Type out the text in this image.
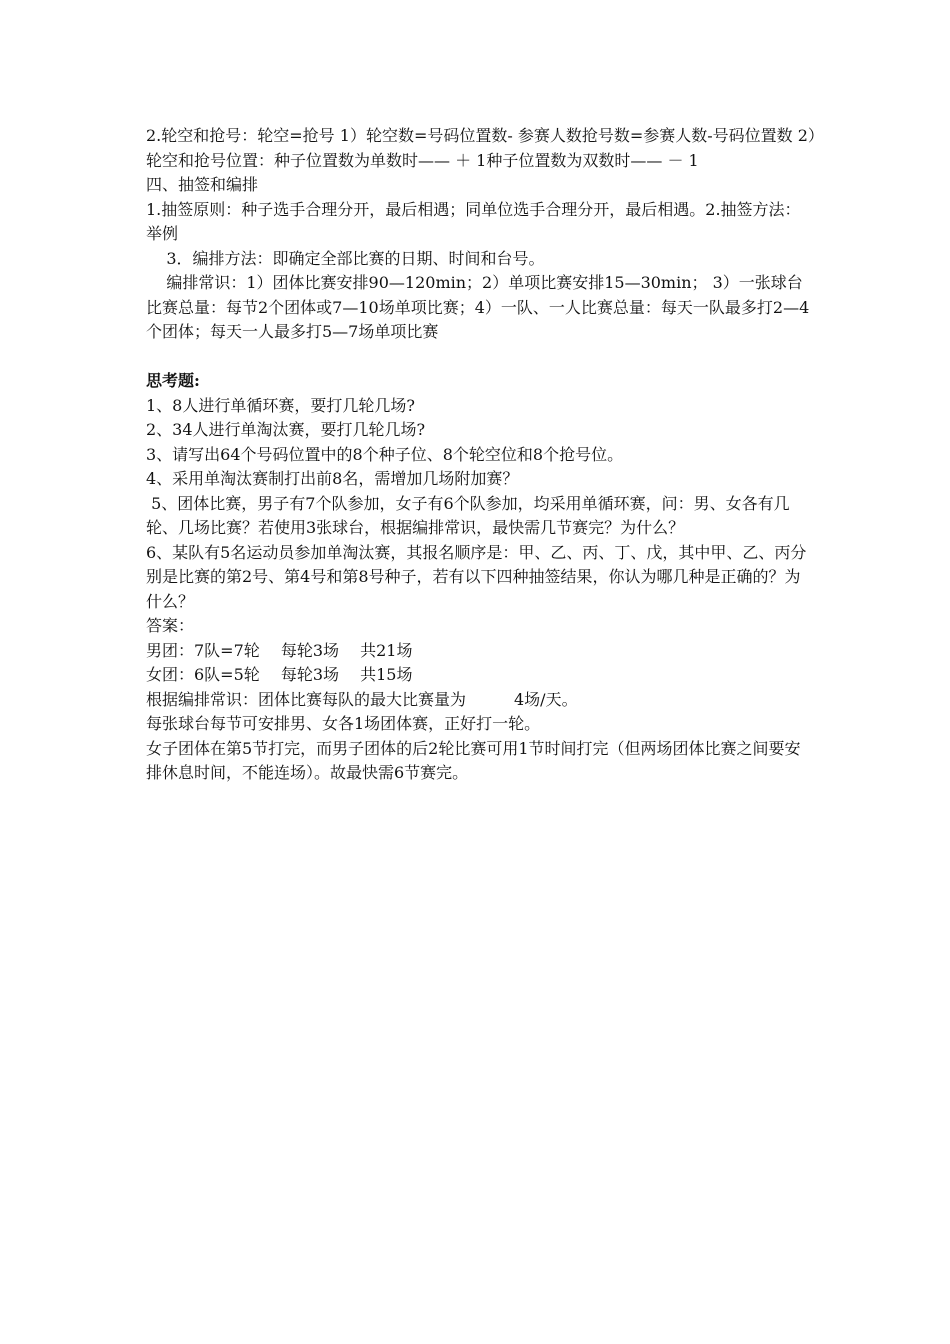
2.轮空和抢号：轮空=抢号 1）轮空数=号码位置数- 参赛人数抢号数=参赛人数-号码位置数 2）轮空和抢号位置：种子位置数为单数时—— ＋ 1种子位置数为双数时—— － 1

四、抽签和编排

1.抽签原则：种子选手合理分开，最后相遇；同单位选手合理分开，最后相遇。2.抽签方法：举例

3．编排方法：即确定全部比赛的日期、时间和台号。

编排常识：1）团体比赛安排90—120min；2）单项比赛安排15—30min； 3）一张球台比赛总量：每节2个团体或7—10场单项比赛；4）一队、一人比赛总量：每天一队最多打2—4个团体；每天一人最多打5—7场单项比赛

思考题:

1、8人进行单循环赛，要打几轮几场?

2、34人进行单淘汰赛，要打几轮几场?

3、请写出64个号码位置中的8个种子位、8个轮空位和8个抢号位。

4、采用单淘汰赛制打出前8名，需增加几场附加赛？

5、团体比赛，男子有7个队参加，女子有6个队参加，均采用单循环赛，问：男、女各有几轮、几场比赛？若使用3张球台，根据编排常识，最快需几节赛完？为什么？

6、某队有5名运动员参加单淘汰赛，其报名顺序是：甲、乙、丙、丁、戊，其中甲、乙、丙分别是比赛的第2号、第4号和第8号种子，若有以下四种抽签结果，你认为哪几种是正确的？为什么？

答案：

男团：7队=7轮　 每轮3场　 共21场

女团：6队=5轮　 每轮3场　 共15场

根据编排常识：团体比赛每队的最大比赛量为　　　4场/天。

每张球台每节可安排男、女各1场团体赛，正好打一轮。

女子团体在第5节打完，而男子团体的后2轮比赛可用1节时间打完（但两场团体比赛之间要安排休息时间，不能连场）。故最快需6节赛完。
